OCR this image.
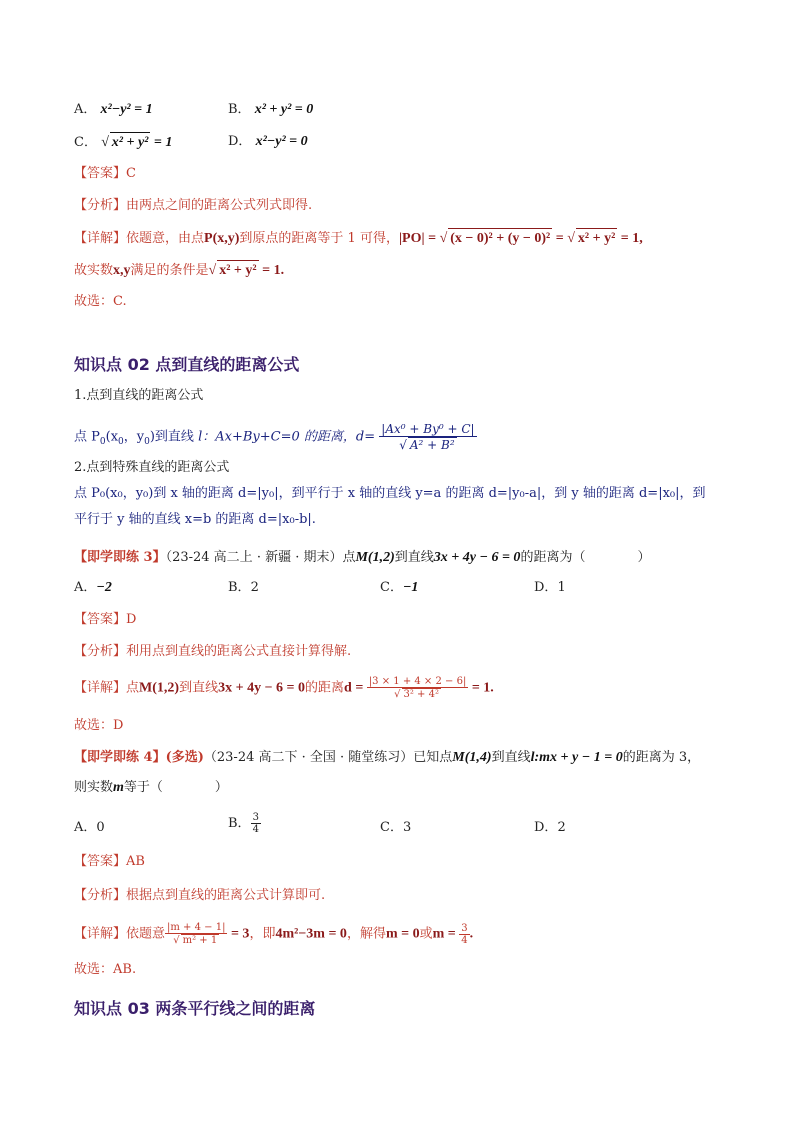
A． x²−y² = 1	B． x² + y² = 0
C． √ x² + y² = 1	D． x²−y² = 0
【答案】C
【分析】由两点之间的距离公式列式即得.
【详解】依题意，由点P(x,y)到原点的距离等于 1 可得，|PO| = √ (x − 0)² + (y − 0)² = √ x² + y² = 1,
故实数x,y满足的条件是√ x² + y² = 1.
故选：C.
知识点 02 点到直线的距离公式
1.点到直线的距离公式
点 $P_0(x_0$，$y_0$)到直线 l：Ax+By+C=0 的距离，$d= \frac{\text{|Ax⁰ + By⁰ + C|}}{\text{√ A² + B²}}$
2.点到特殊直线的距离公式
点 P₀(x₀，y₀)到 x 轴的距离 d=|y₀|，到平行于 x 轴的直线 y=a 的距离 d=|y₀-a|，到 y 轴的距离 d=|x₀|，到
平行于 y 轴的直线 x=b 的距离 d=|x₀-b|.
【即学即练 3】（23-24 高二上 · 新疆 · 期末）点M(1,2)到直线3x + 4y − 6 = 0的距离为（　　　　）
A．−2	B．2	C．−1	D．1
【答案】D
【分析】利用点到直线的距离公式直接计算得解.
【详解】点M(1,2)到直线3x + 4y − 6 = 0的距离$d = \frac{|3 \times 1 + 4 \times 2 - 6|}{\text{√ 3² + 4²}} = 1$.
故选：D
【即学即练 4】(多选)（23-24 高二下 · 全国 · 随堂练习）已知点M(1,4)到直线l:mx + y − 1 = 0的距离为 3，
则实数m等于（　　　　）
A．0	B． $\frac{3}{4}$	C．3	D．2
【答案】AB
【分析】根据点到直线的距离公式计算即可.
【详解】依题意 $\frac{|m + 4 - 1|}{\text{√ m² + 1}} = 3$，即4m²−3m = 0，解得m = 0或$m = \frac{3}{4}$ .
故选：AB.
知识点 03 两条平行线之间的距离
